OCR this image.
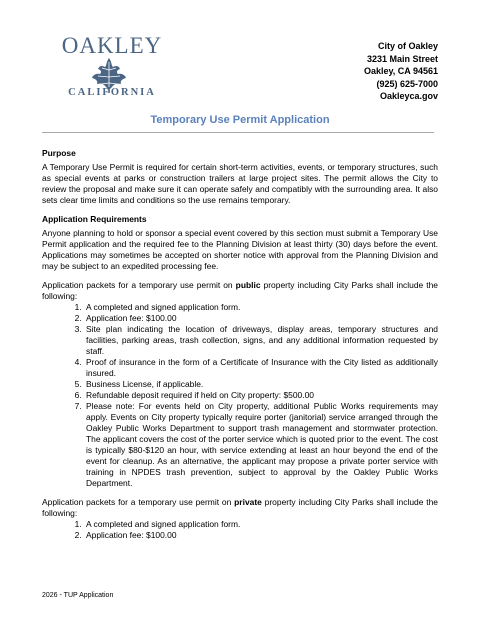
OAKLEY
CALIFORNIA
City of Oakley
3231 Main Street
Oakley, CA 94561
(925) 625-7000
Oakleyca.gov
Temporary Use Permit Application
Purpose
A Temporary Use Permit is required for certain short-term activities, events, or temporary structures, such as special events at parks or construction trailers at large project sites. The permit allows the City to review the proposal and make sure it can operate safely and compatibly with the surrounding area. It also sets clear time limits and conditions so the use remains temporary.
Application Requirements
Anyone planning to hold or sponsor a special event covered by this section must submit a Temporary Use Permit application and the required fee to the Planning Division at least thirty (30) days before the event. Applications may sometimes be accepted on shorter notice with approval from the Planning Division and may be subject to an expedited processing fee.
Application packets for a temporary use permit on public property including City Parks shall include the following:
1. A completed and signed application form.
2. Application fee: $100.00
3. Site plan indicating the location of driveways, display areas, temporary structures and facilities, parking areas, trash collection, signs, and any additional information requested by staff.
4. Proof of insurance in the form of a Certificate of Insurance with the City listed as additionally insured.
5. Business License, if applicable.
6. Refundable deposit required if held on City property: $500.00
7. Please note: For events held on City property, additional Public Works requirements may apply. Events on City property typically require porter (janitorial) service arranged through the Oakley Public Works Department to support trash management and stormwater protection. The applicant covers the cost of the porter service which is quoted prior to the event. The cost is typically $80-$120 an hour, with service extending at least an hour beyond the end of the event for cleanup. As an alternative, the applicant may propose a private porter service with training in NPDES trash prevention, subject to approval by the Oakley Public Works Department.
Application packets for a temporary use permit on private property including City Parks shall include the following:
1. A completed and signed application form.
2. Application fee: $100.00
2026 - TUP Application
